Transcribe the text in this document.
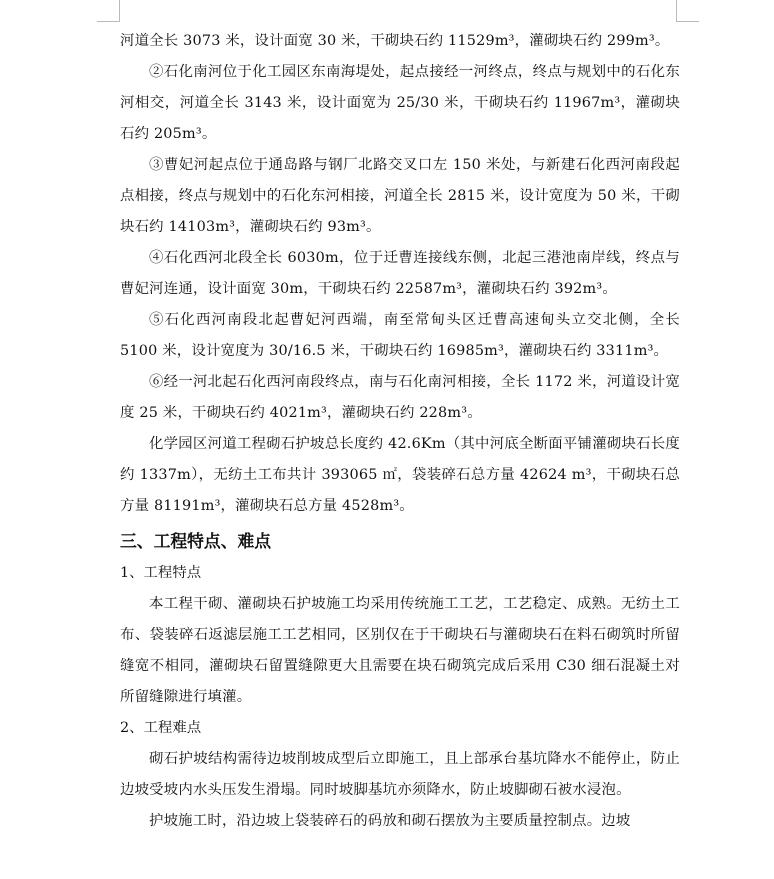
河道全长 3073 米，设计面宽 30 米，干砌块石约 11529m³，灌砌块石约 299m³。

②石化南河位于化工园区东南海堤处，起点接经一河终点，终点与规划中的石化东河相交，河道全长 3143 米，设计面宽为 25/30 米，干砌块石约 11967m³，灌砌块石约 205m³。

③曹妃河起点位于通岛路与钢厂北路交叉口左 150 米处，与新建石化西河南段起点相接，终点与规划中的石化东河相接，河道全长 2815 米，设计宽度为 50 米，干砌块石约 14103m³，灌砌块石约 93m³。

④石化西河北段全长 6030m，位于迁曹连接线东侧，北起三港池南岸线，终点与曹妃河连通，设计面宽 30m，干砌块石约 22587m³，灌砌块石约 392m³。

⑤石化西河南段北起曹妃河西端，南至常甸头区迁曹高速甸头立交北侧，全长 5100 米，设计宽度为 30/16.5 米，干砌块石约 16985m³，灌砌块石约 3311m³。

⑥经一河北起石化西河南段终点，南与石化南河相接，全长 1172 米，河道设计宽度 25 米，干砌块石约 4021m³，灌砌块石约 228m³。

化学园区河道工程砌石护坡总长度约 42.6Km（其中河底全断面平铺灌砌块石长度约 1337m），无纺土工布共计 393065 ㎡，袋装碎石总方量 42624 m³，干砌块石总方量 81191m³，灌砌块石总方量 4528m³。

三、工程特点、难点

1、工程特点

本工程干砌、灌砌块石护坡施工均采用传统施工工艺，工艺稳定、成熟。无纺土工布、袋装碎石返滤层施工工艺相同，区别仅在于干砌块石与灌砌块石在料石砌筑时所留缝宽不相同，灌砌块石留置缝隙更大且需要在块石砌筑完成后采用 C30 细石混凝土对所留缝隙进行填灌。

2、工程难点

砌石护坡结构需待边坡削坡成型后立即施工，且上部承台基坑降水不能停止，防止边坡受坡内水头压发生滑塌。同时坡脚基坑亦须降水，防止坡脚砌石被水浸泡。

护坡施工时，沿边坡上袋装碎石的码放和砌石摆放为主要质量控制点。边坡
